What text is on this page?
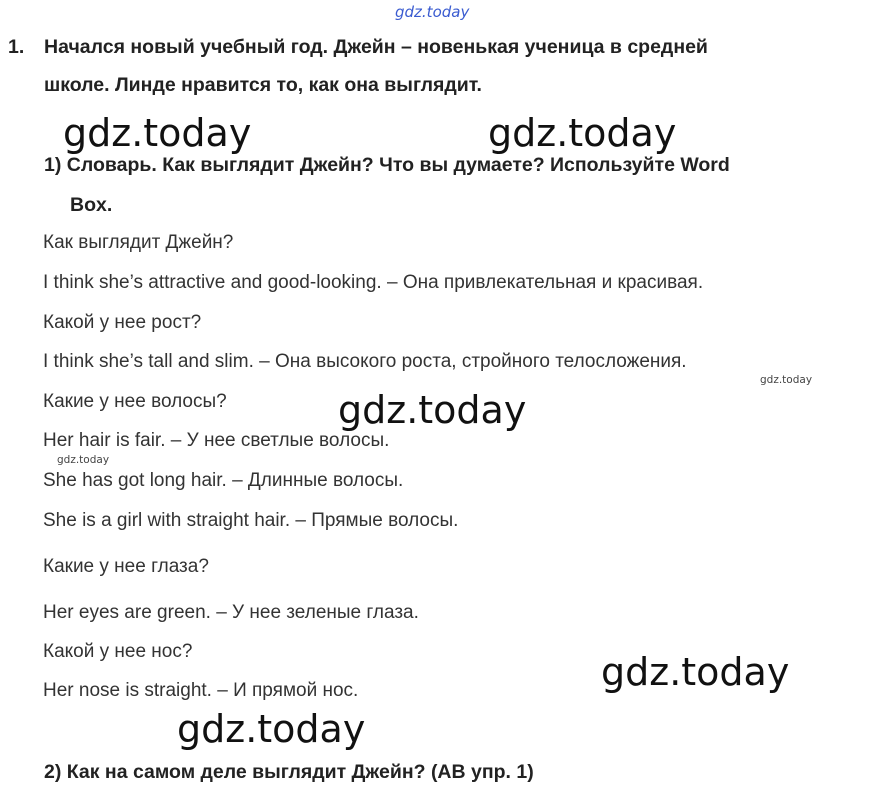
gdz.today
1. Начался новый учебный год. Джейн – новенькая ученица в средней
школе. Линде нравится то, как она выглядит.
gdz.today	gdz.today
1) Словарь. Как выглядит Джейн? Что вы думаете? Используйте Word
Box.
Как выглядит Джейн?
I think she’s attractive and good-looking. – Она привлекательная и красивая.
Какой у нее рост?
I think she’s tall and slim. – Она высокого роста, стройного телосложения.
gdz.today
Какие у нее волосы?	gdz.today
Her hair is fair. – У нее светлые волосы.
gdz.today
She has got long hair. – Длинные волосы.
She is a girl with straight hair. – Прямые волосы.
Какие у нее глаза?
Her eyes are green. – У нее зеленые глаза.
Какой у нее нос?	gdz.today
Her nose is straight. – И прямой нос.
gdz.today
2) Как на самом деле выглядит Джейн? (AB упр. 1)
